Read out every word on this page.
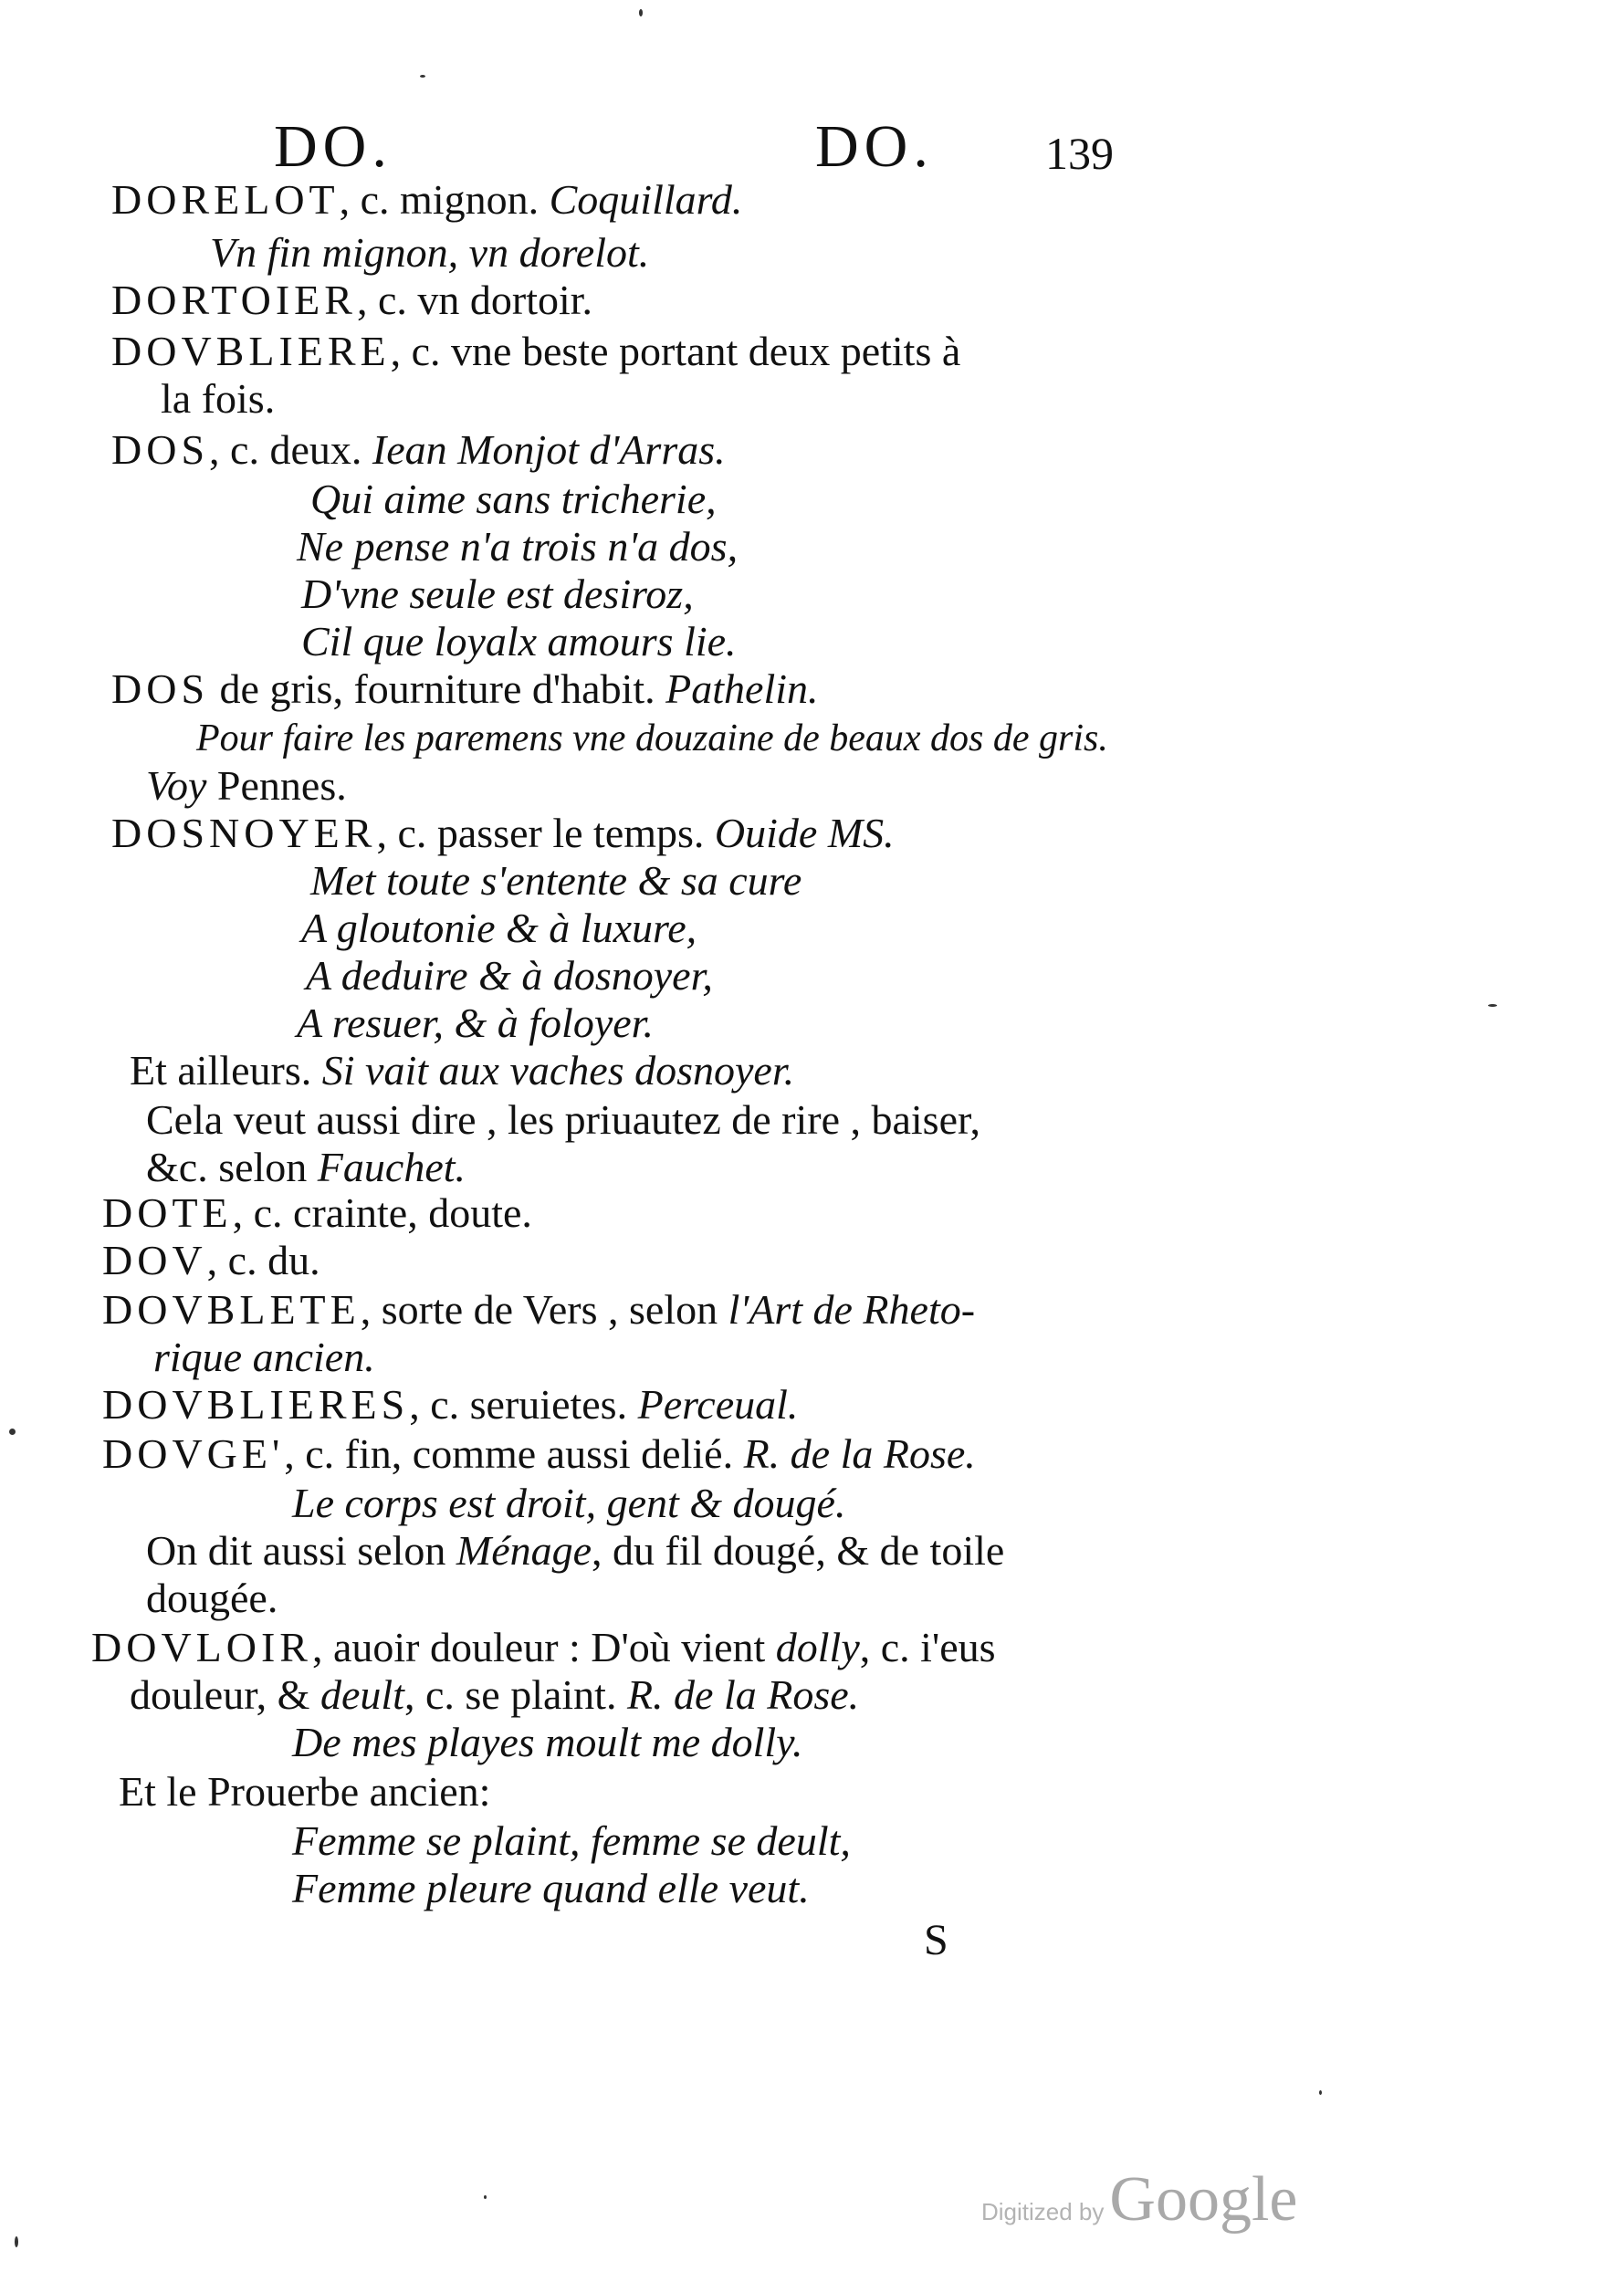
DO.	DO. 139
DORELOT, c. mignon. Coquillard.
Vn fin mignon, vn dorelot.
DORTOIER, c. vn dortoir.
DOVBLIERE, c. vne beste portant deux petits à
la fois.
DOS, c. deux. Iean Monjot d'Arras.
Qui aime sans tricherie,
Ne pense n'a trois n'a dos,
D'vne seule est desiroz,
Cil que loyalx amours lie.
DOS de gris, fourniture d'habit. Pathelin.
Pour faire les paremens vne douzaine de beaux dos de gris.
Voy Pennes.
DOSNOYER, c. passer le temps. Ouide MS.
Met toute s'entente & sa cure
A gloutonie & à luxure,
A deduire & à dosnoyer,
A resuer, & à foloyer.
Et ailleurs. Si vait aux vaches dosnoyer.
Cela veut aussi dire , les priuautez de rire , baiser,
&c. selon Fauchet.
DOTE, c. crainte, doute.
DOV, c. du.
DOVBLETE, sorte de Vers , selon l'Art de Rheto-
rique ancien.
DOVBLIERES, c. seruietes. Perceual.
DOVGE', c. fin, comme aussi delié. R. de la Rose.
Le corps est droit, gent & dougé.
On dit aussi selon Ménage, du fil dougé, & de toile
dougée.
DOVLOIR, auoir douleur : D'où vient dolly, c. i'eus
douleur, & deult, c. se plaint. R. de la Rose.
De mes playes moult me dolly.
Et le Prouerbe ancien:
Femme se plaint, femme se deult,
Femme pleure quand elle veut.
S
Digitized byGoogle
